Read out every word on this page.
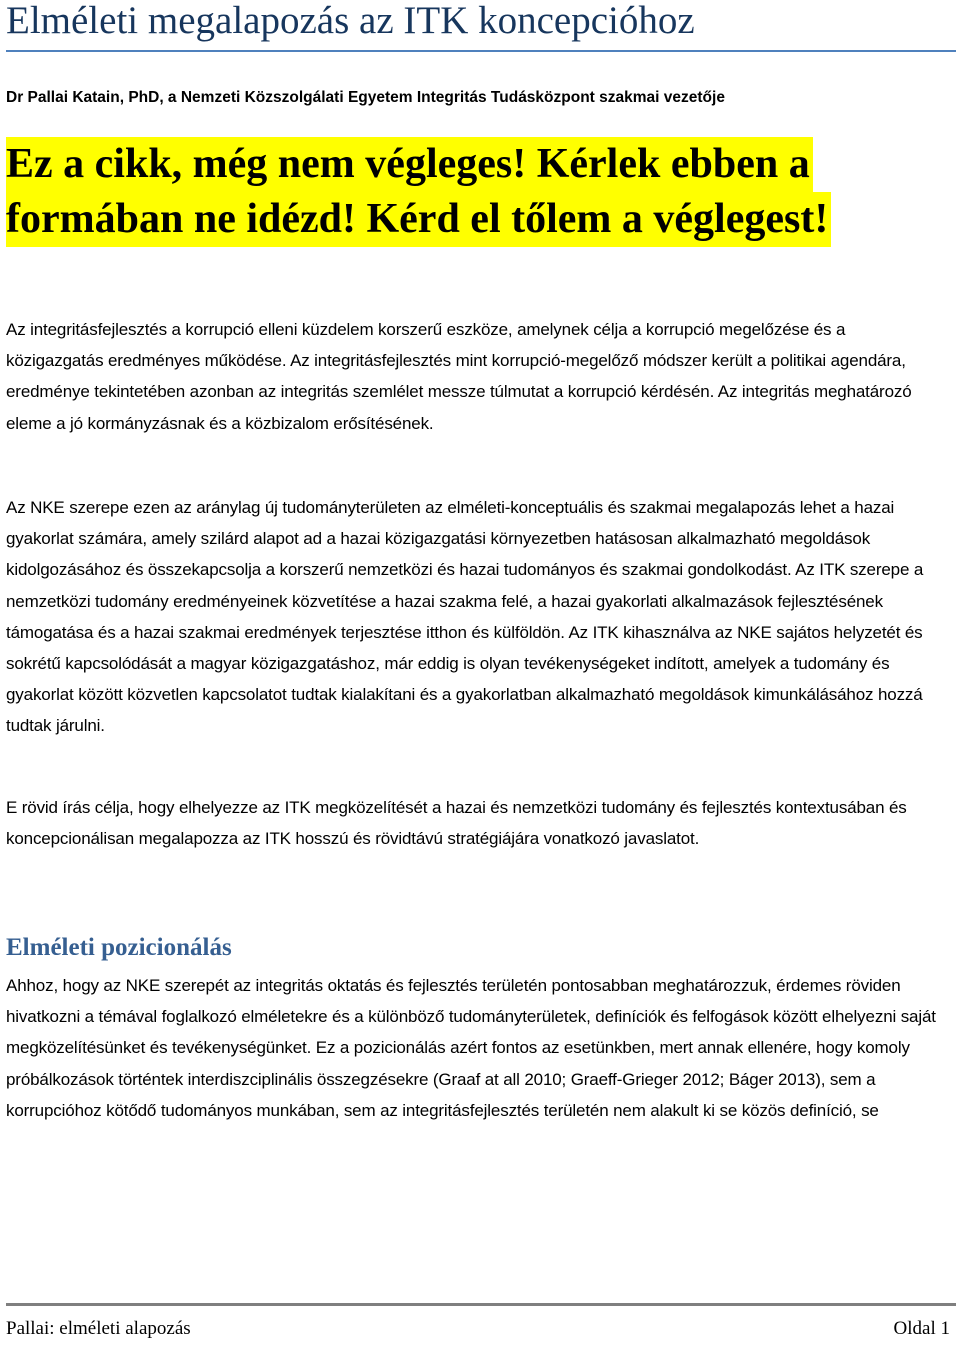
Elméleti megalapozás az ITK koncepcióhoz
Dr Pallai Katain, PhD, a Nemzeti Közszolgálati Egyetem Integritás Tudásközpont szakmai vezetője
Ez a cikk, még nem végleges! Kérlek ebben a
formában ne idézd! Kérd el tőlem a véglegest!

Az integritásfejlesztés a korrupció elleni küzdelem korszerű eszköze, amelynek célja a korrupció megelőzése és a közigazgatás eredményes működése. Az integritásfejlesztés mint korrupció-megelőző módszer került a politikai agendára, eredménye tekintetében azonban az integritás szemlélet messze túlmutat a korrupció kérdésén. Az integritás meghatározó eleme a jó kormányzásnak és a közbizalom erősítésének.

Az NKE szerepe ezen az aránylag új tudományterületen az elméleti-konceptuális és szakmai megalapozás lehet a hazai gyakorlat számára, amely szilárd alapot ad a hazai közigazgatási környezetben hatásosan alkalmazható megoldások kidolgozásához és összekapcsolja a korszerű nemzetközi és hazai tudományos és szakmai gondolkodást. Az ITK szerepe a nemzetközi tudomány eredményeinek közvetítése a hazai szakma felé, a hazai gyakorlati alkalmazások fejlesztésének támogatása és a hazai szakmai eredmények terjesztése itthon és külföldön. Az ITK kihasználva az NKE sajátos helyzetét és sokrétű kapcsolódását a magyar közigazgatáshoz, már eddig is olyan tevékenységeket indított, amelyek a tudomány és gyakorlat között közvetlen kapcsolatot tudtak kialakítani és a gyakorlatban alkalmazható megoldások kimunkálásához hozzá tudtak járulni.

E rövid írás célja, hogy elhelyezze az ITK megközelítését a hazai és nemzetközi tudomány és fejlesztés kontextusában és koncepcionálisan megalapozza az ITK hosszú és rövidtávú stratégiájára vonatkozó javaslatot.

Elméleti pozicionálás

Ahhoz, hogy az NKE szerepét az integritás oktatás és fejlesztés területén pontosabban meghatározzuk, érdemes röviden hivatkozni a témával foglalkozó elméletekre és a különböző tudományterületek, definíciók és felfogások között elhelyezni saját megközelítésünket és tevékenységünket. Ez a pozicionálás azért fontos az esetünkben, mert annak ellenére, hogy komoly próbálkozások történtek interdiszciplinális összegzésekre (Graaf at all 2010; Graeff-Grieger 2012; Báger 2013), sem a korrupcióhoz kötődő tudományos munkában, sem az integritásfejlesztés területén nem alakult ki se közös definíció, se

Pallai: elméleti alapozás	Oldal 1
